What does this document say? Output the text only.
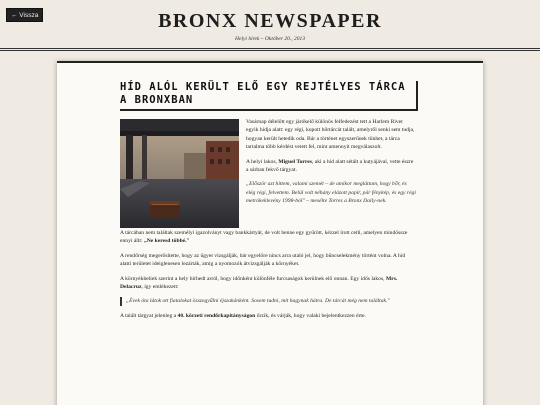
← Vissza	BRONX NEWSPAPER
Helyi hírek – Október 20., 2013
HÍD ALÓL KERÜLT ELŐ EGY REJTÉLYES TÁRCA A BRONXBAN

Vasárnap délelőtt egy járókelő különös felfedezést tett a Harlem River egyik hídja alatt: egy régi, kopott bőrtárcát talált, amelyről senki sem tudja, hogyan került hetedik oda. Bár a történet egyszerűnek tűnhet, a tárca tartalma több kérdést vetett fel, mint amennyit megválaszolt.

A helyi lakos, Miguel Torres, aki a híd alatt sétált a kutyájával, vette észre a sárban fekvő tárgyat.

„Először azt hittem, valami szemét – de amikor megláttam, hogy bőr, és elég régi, felvettem. Belül volt néhány elázott papír, pár fénykép, és egy régi metrókeklevény 1998-ból" – mesélte Torres a Bronx Daily-nek.

A tárcában nem találtak személyi igazolványt vagy bankkártyát, de volt benne egy gyűrött, kézzel írott cetli, amelyen mindössze ennyi állt: „Ne keresd többé."

A rendőrség megerősítette, hogy az ügyet vizsgálják, bár egyelőre nincs arra utaló jel, hogy bűncselekmény történt volna. A híd alatti területet ideiglenesen lezárták, amíg a nyomozók átvizsgálják a környéket.

A környékbeliek szerint a hely hírhedt arról, hogy időnként különféle furcsaságok kerülnek elő onnan. Egy idős lakos, Mrs. Delacruz, így emlékezett:

„Évek óta látok ott fiatalokat összegyűlni éjszakánként. Sosem tudni, mit hagynak hátra. De tárcát még nem találtak."

A talált tárgyat jelenleg a 40. körzeti rendőrkapitányságon őrzik, és várják, hogy valaki bejelentkezzen érte.
